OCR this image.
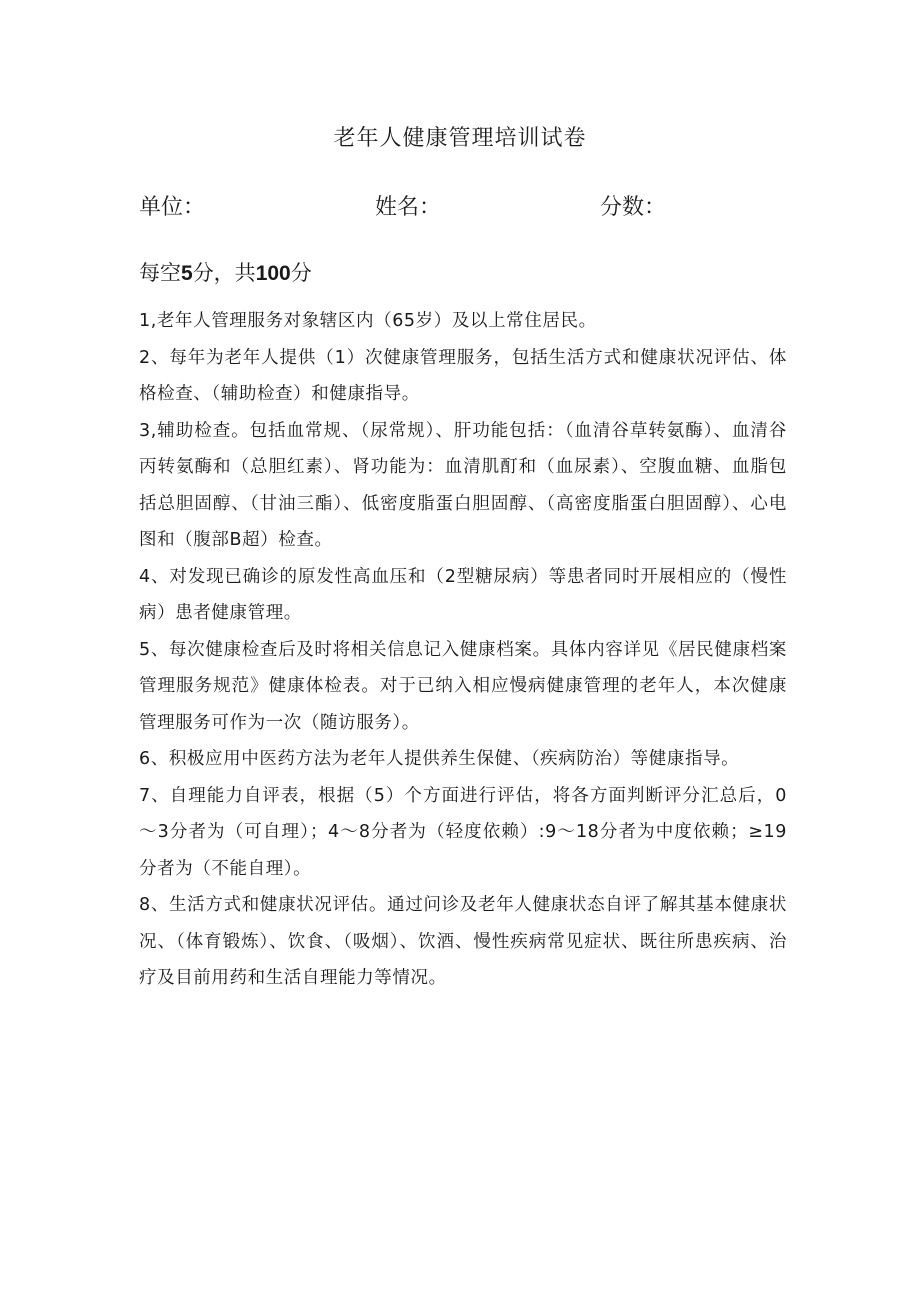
老年人健康管理培训试卷
单位：	姓名：	分数：
每空5分，共100分
1,老年人管理服务对象辖区内（65岁）及以上常住居民。
2、每年为老年人提供（1）次健康管理服务，包括生活方式和健康状况评估、体格检查、（辅助检查）和健康指导。
3,辅助检查。包括血常规、（尿常规）、肝功能包括：（血清谷草转氨酶）、血清谷丙转氨酶和（总胆红素）、肾功能为：血清肌酊和（血尿素）、空腹血糖、血脂包括总胆固醇、（甘油三酯）、低密度脂蛋白胆固醇、（高密度脂蛋白胆固醇）、心电图和（腹部B超）检查。
4、对发现已确诊的原发性高血压和（2型糖尿病）等患者同时开展相应的（慢性病）患者健康管理。
5、每次健康检查后及时将相关信息记入健康档案。具体内容详见《居民健康档案管理服务规范》健康体检表。对于已纳入相应慢病健康管理的老年人，本次健康管理服务可作为一次（随访服务）。
6、积极应用中医药方法为老年人提供养生保健、（疾病防治）等健康指导。
7、自理能力自评表，根据（5）个方面进行评估，将各方面判断评分汇总后，0～3分者为（可自理）；4～8分者为（轻度依赖）:9～18分者为中度依赖；≥19分者为（不能自理）。
8、生活方式和健康状况评估。通过问诊及老年人健康状态自评了解其基本健康状况、（体育锻炼）、饮食、（吸烟）、饮酒、慢性疾病常见症状、既往所患疾病、治疗及目前用药和生活自理能力等情况。
